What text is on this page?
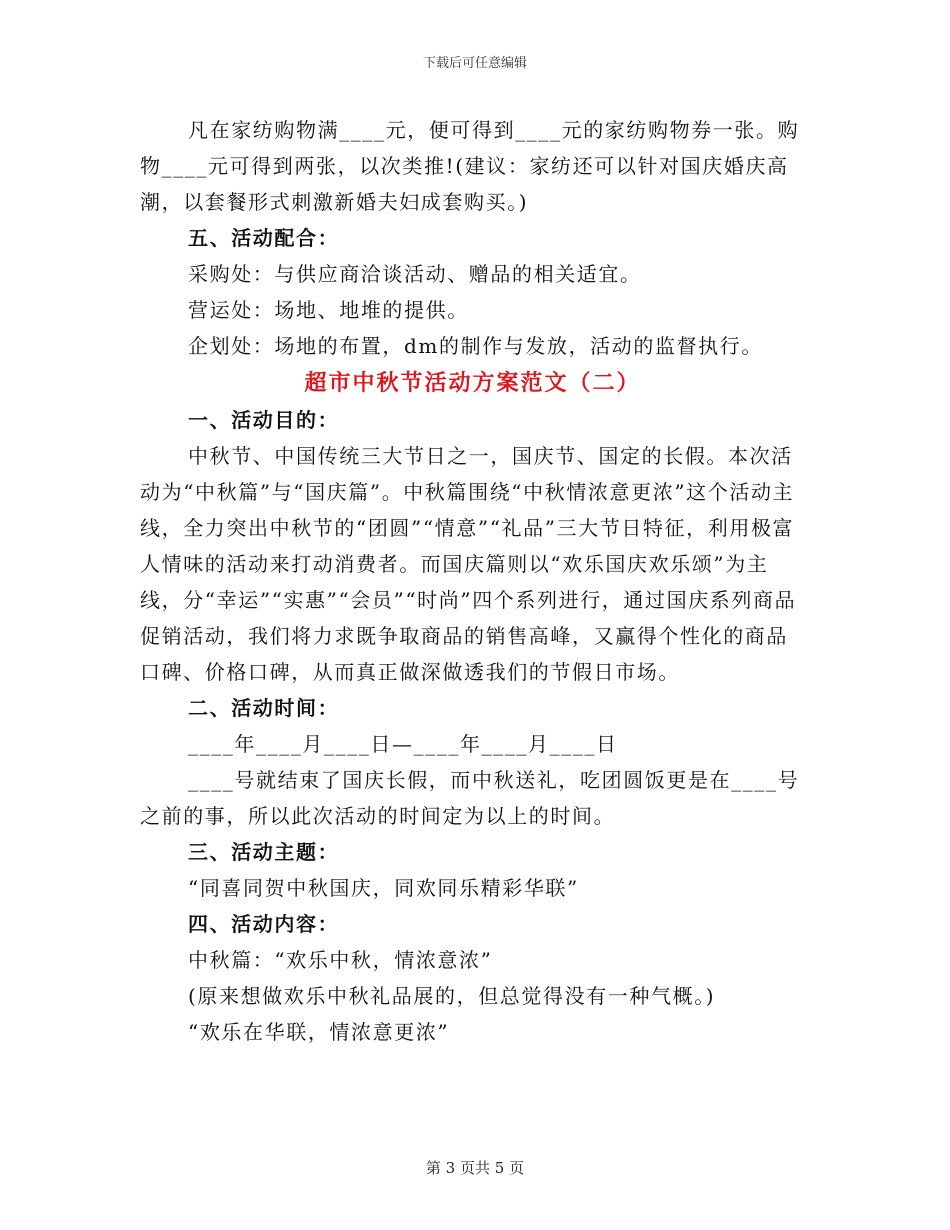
下载后可任意编辑

凡在家纺购物满____元，便可得到____元的家纺购物券一张。购物____元可得到两张，以次类推!(建议：家纺还可以针对国庆婚庆高潮，以套餐形式刺激新婚夫妇成套购买。)

五、活动配合：

采购处：与供应商洽谈活动、赠品的相关适宜。

营运处：场地、地堆的提供。

企划处：场地的布置，dm的制作与发放，活动的监督执行。

超市中秋节活动方案范文（二）

一、活动目的：

中秋节、中国传统三大节日之一，国庆节、国定的长假。本次活动为“中秋篇”与“国庆篇”。中秋篇围绕“中秋情浓意更浓”这个活动主线，全力突出中秋节的“团圆”“情意”“礼品”三大节日特征，利用极富人情味的活动来打动消费者。而国庆篇则以“欢乐国庆欢乐颂”为主线，分“幸运”“实惠”“会员”“时尚”四个系列进行，通过国庆系列商品促销活动，我们将力求既争取商品的销售高峰，又赢得个性化的商品口碑、价格口碑，从而真正做深做透我们的节假日市场。

二、活动时间：

____年____月____日—____年____月____日

____号就结束了国庆长假，而中秋送礼，吃团圆饭更是在____号之前的事，所以此次活动的时间定为以上的时间。

三、活动主题：

“同喜同贺中秋国庆，同欢同乐精彩华联”

四、活动内容：

中秋篇：“欢乐中秋，情浓意浓”

(原来想做欢乐中秋礼品展的，但总觉得没有一种气概。)

“欢乐在华联，情浓意更浓”

第 3 页共 5 页
